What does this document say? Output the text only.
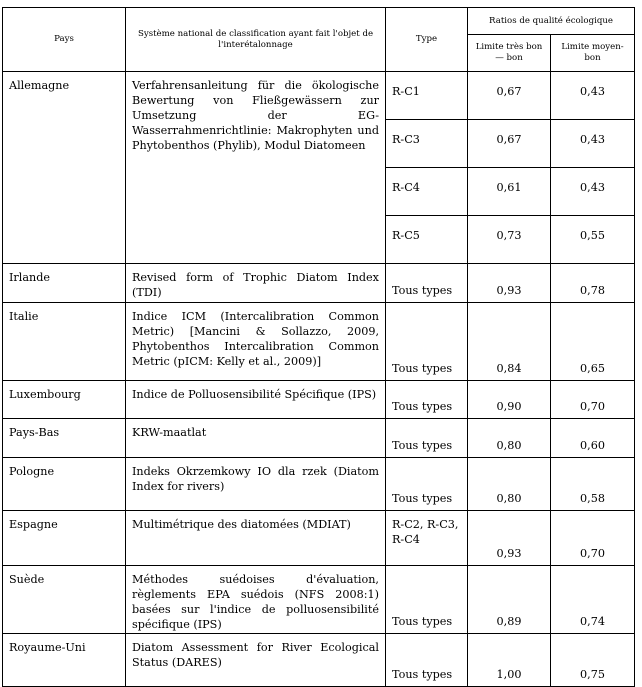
Pays	Système national de classification ayant fait l'objet de l'interétalonnage	Type	Ratios de qualité écologique	
			Limite très bon — bon	Limite moyen-bon
Allemagne	Verfahrensanleitung für die ökologische Bewertung von Fließgewässern zur Umsetzung der EG-Wasserrahmenrichtlinie: Makrophyten und Phytobenthos (Phylib), Modul Diatomeen	R-C1	0,67	0,43
		R-C3	0,67	0,43
		R-C4	0,61	0,43
		R-C5	0,73	0,55
Irlande	Revised form of Trophic Diatom Index (TDI)	Tous types	0,93	0,78
Italie	Indice ICM (Intercalibration Common Metric) [Mancini & Sollazzo, 2009, Phytobenthos Intercalibration Common Metric (pICM: Kelly et al., 2009)]	Tous types	0,84	0,65
Luxembourg	Indice de Polluosensibilité Spécifique (IPS)	Tous types	0,90	0,70
Pays-Bas	KRW-maatlat	Tous types	0,80	0,60
Pologne	Indeks Okrzemkowy IO dla rzek (Diatom Index for rivers)	Tous types	0,80	0,58
Espagne	Multimétrique des diatomées (MDIAT)	R-C2, R-C3, R-C4	0,93	0,70
Suède	Méthodes suédoises d'évaluation, règlements EPA suédois (NFS 2008:1) basées sur l'indice de polluosensibilité spécifique (IPS)	Tous types	0,89	0,74
Royaume-Uni	Diatom Assessment for River Ecological Status (DARES)	Tous types	1,00	0,75
